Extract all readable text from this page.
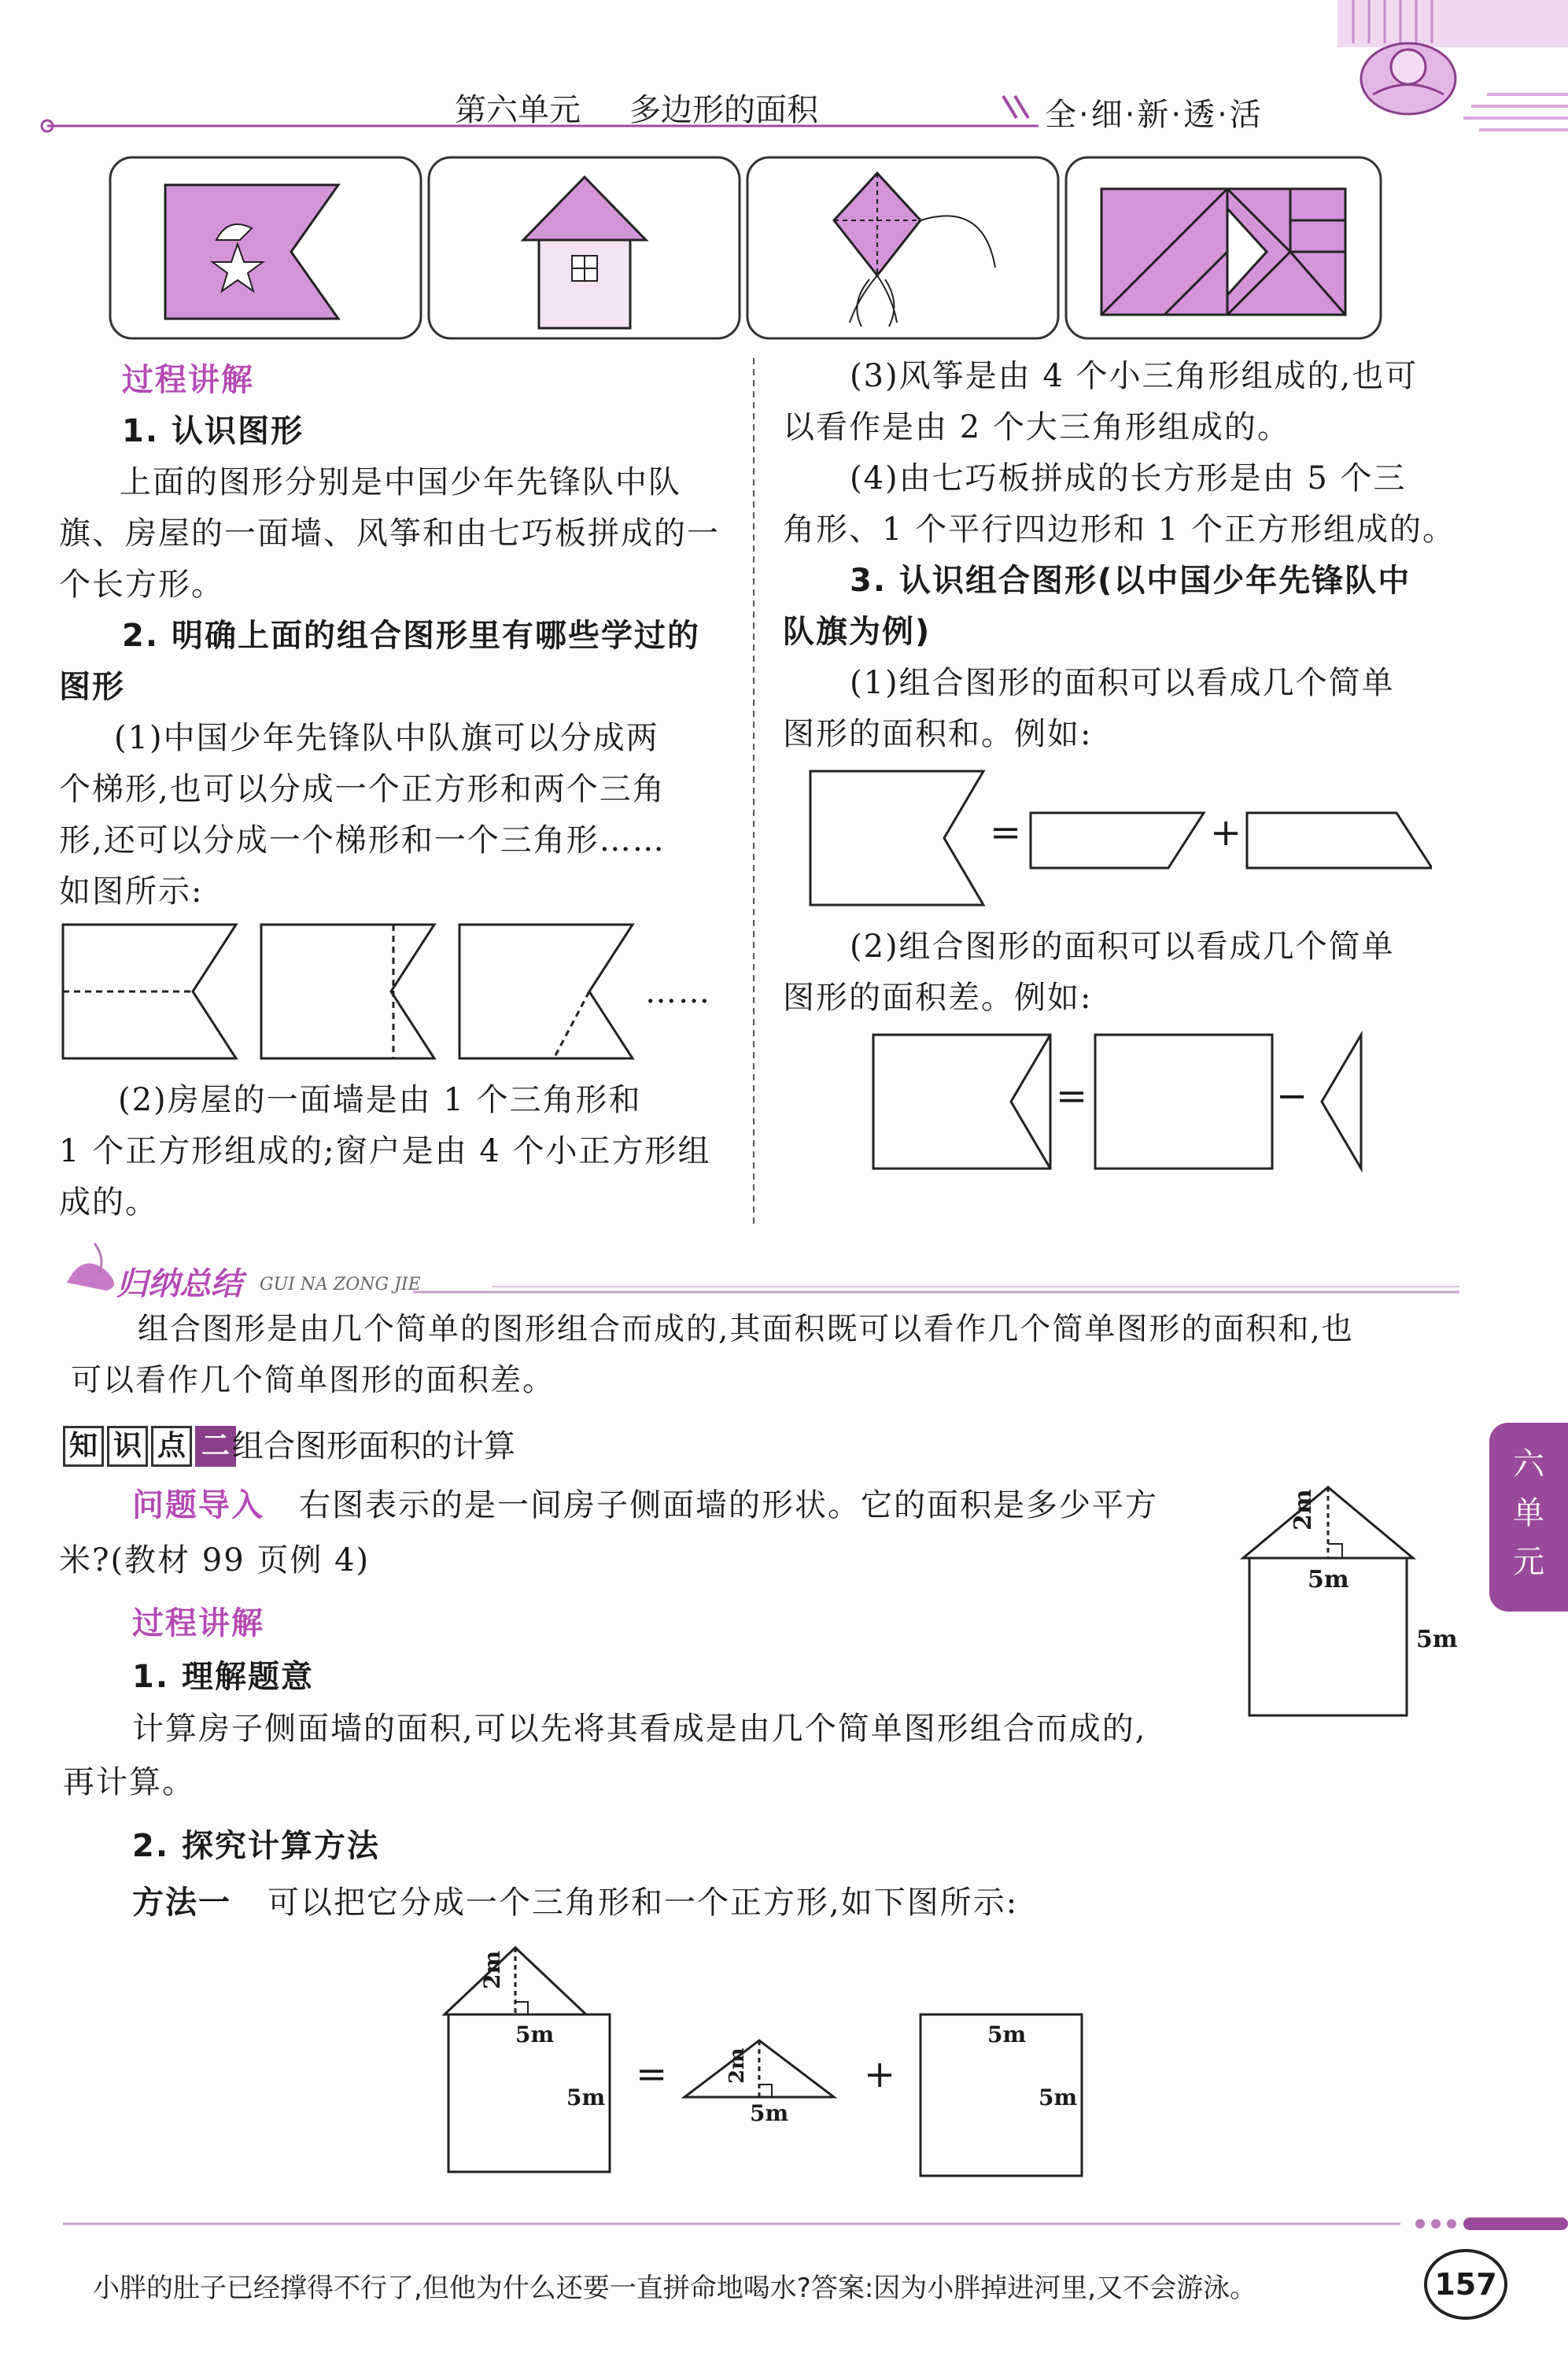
第六单元 多边形的面积	全·细·新·透·活
过程讲解
1. 认识图形
上面的图形分别是中国少年先锋队中队
旗、房屋的一面墙、风筝和由七巧板拼成的一
个长方形。
2. 明确上面的组合图形里有哪些学过的
图形
(1)中国少年先锋队中队旗可以分成两
个梯形,也可以分成一个正方形和两个三角
形,还可以分成一个梯形和一个三角形……
如图所示:
……
(2)房屋的一面墙是由 1 个三角形和
1 个正方形组成的;窗户是由 4 个小正方形组
成的。
(3)风筝是由 4 个小三角形组成的,也可
以看作是由 2 个大三角形组成的。
(4)由七巧板拼成的长方形是由 5 个三
角形、1 个平行四边形和 1 个正方形组成的。
3. 认识组合图形(以中国少年先锋队中
队旗为例)
(1)组合图形的面积可以看成几个简单
图形的面积和。例如:
=	+
(2)组合图形的面积可以看成几个简单
图形的面积差。例如:
=	−
归纳总结 GUI NA ZONG JIE
组合图形是由几个简单的图形组合而成的,其面积既可以看作几个简单图形的面积和,也
可以看作几个简单图形的面积差。
知 识 点 二 组合图形面积的计算	六
单
元
问题导入 右图表示的是一间房子侧面墙的形状。它的面积是多少平方
米?(教材 99 页例 4)
2m
5m
5m
过程讲解
1. 理解题意
计算房子侧面墙的面积,可以先将其看成是由几个简单图形组合而成的,
再计算。
2. 探究计算方法
方法一 可以把它分成一个三角形和一个正方形,如下图所示:
2m
5m
5m
2m
5m
5m
5m
=	+
小胖的肚子已经撑得不行了,但他为什么还要一直拼命地喝水?答案:因为小胖掉进河里,又不会游泳。	157
